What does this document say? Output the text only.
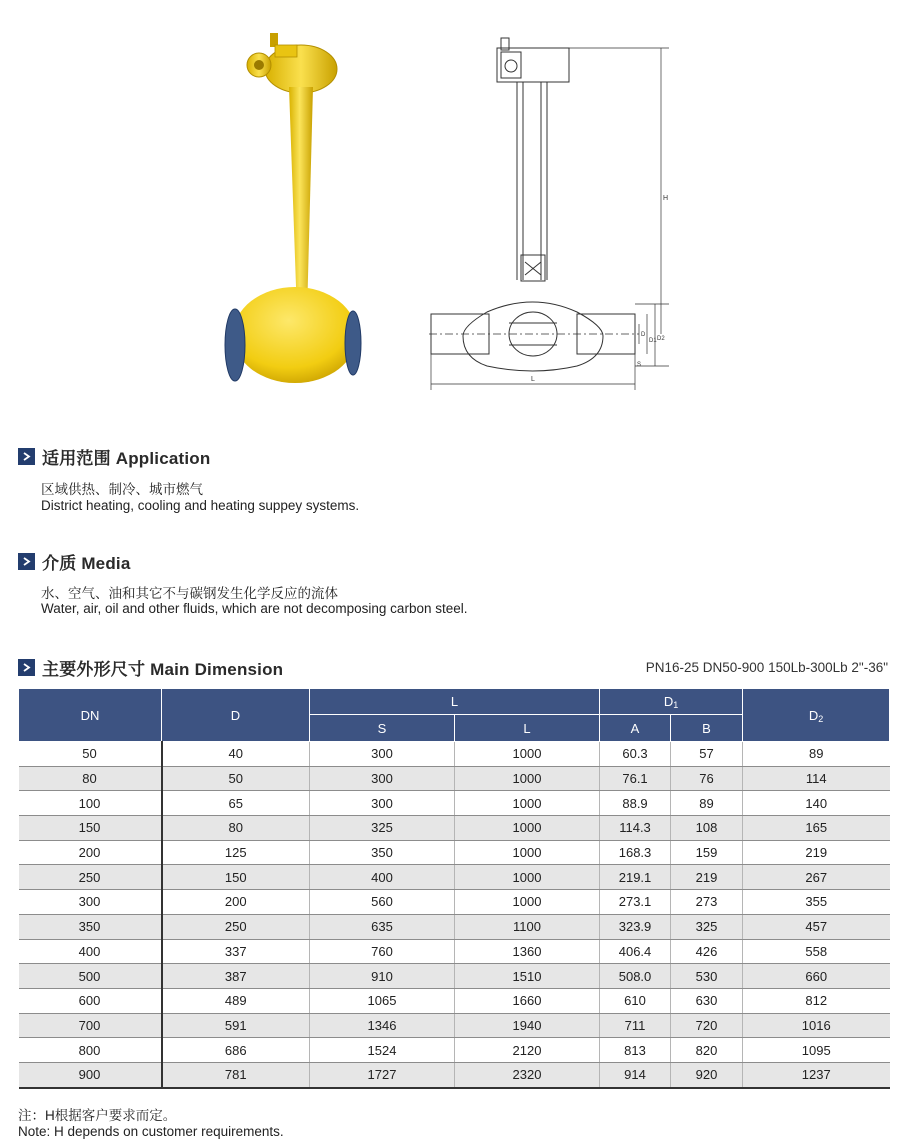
H
D1
D
D2
S
L
适用范围 Application
区域供热、制冷、城市燃气
District heating, cooling and heating suppey systems.
介质 Media
水、空气、油和其它不与碳钢发生化学反应的流体
Water, air, oil and other fluids, which are not decomposing carbon steel.
主要外形尺寸 Main Dimension	PN16-25 DN50-900 150Lb-300Lb 2"-36"
DN	D	L		$D_1$		$D_2$
		S	L	A	B	
50	40	300	1000	60.3	57	89
80	50	300	1000	76.1	76	114
100	65	300	1000	88.9	89	140
150	80	325	1000	114.3	108	165
200	125	350	1000	168.3	159	219
250	150	400	1000	219.1	219	267
300	200	560	1000	273.1	273	355
350	250	635	1100	323.9	325	457
400	337	760	1360	406.4	426	558
500	387	910	1510	508.0	530	660
600	489	1065	1660	610	630	812
700	591	1346	1940	711	720	1016
800	686	1524	2120	813	820	1095
900	781	1727	2320	914	920	1237
注：H根据客户要求而定。
Note: H depends on customer requirements.
